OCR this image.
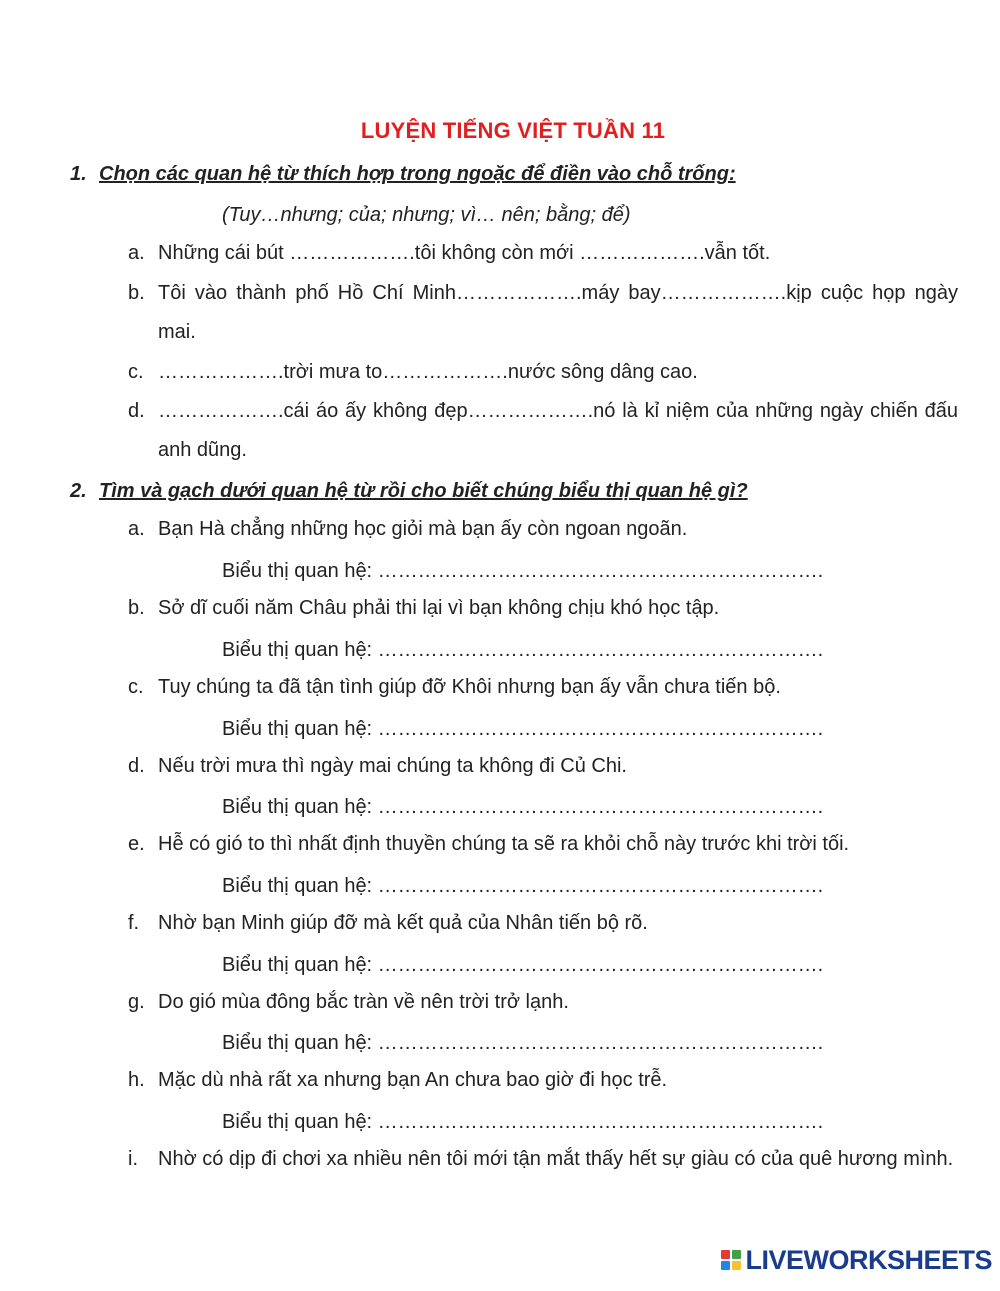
LUYỆN TIẾNG VIỆT TUẦN 11
1. Chọn các quan hệ từ thích hợp trong ngoặc để điền vào chỗ trống:
(Tuy…nhưng; của; nhưng; vì… nên; bằng; để)
a. Những cái bút ……………….tôi không còn mới ……………….vẫn tốt.
b. Tôi vào thành phố Hồ Chí Minh……………….máy bay……………….kịp cuộc họp ngày mai.
c. ……………….trời mưa to……………….nước sông dâng cao.
d. ……………….cái áo ấy không đẹp……………….nó là kỉ niệm của những ngày chiến đấu anh dũng.
2. Tìm và gạch dưới quan hệ từ rồi cho biết chúng biểu thị quan hệ gì?
a. Bạn Hà chẳng những học giỏi mà bạn ấy còn ngoan ngoãn.
Biểu thị quan hệ: ………………………………………………………….
b. Sở dĩ cuối năm Châu phải thi lại vì bạn không chịu khó học tập.
Biểu thị quan hệ: ………………………………………………………….
c. Tuy chúng ta đã tận tình giúp đỡ Khôi nhưng bạn ấy vẫn chưa tiến bộ.
Biểu thị quan hệ: ………………………………………………………….
d. Nếu trời mưa thì ngày mai chúng ta không đi Củ Chi.
Biểu thị quan hệ: ………………………………………………………….
e. Hễ có gió to thì nhất định thuyền chúng ta sẽ ra khỏi chỗ này trước khi trời tối.
Biểu thị quan hệ: ………………………………………………………….
f. Nhờ bạn Minh giúp đỡ mà kết quả của Nhân tiến bộ rõ.
Biểu thị quan hệ: ………………………………………………………….
g. Do gió mùa đông bắc tràn về nên trời trở lạnh.
Biểu thị quan hệ: ………………………………………………………….
h. Mặc dù nhà rất xa nhưng bạn An chưa bao giờ đi học trễ.
Biểu thị quan hệ: ………………………………………………………….
i. Nhờ có dịp đi chơi xa nhiều nên tôi mới tận mắt thấy hết sự giàu có của quê hương mình.
LIVEWORKSHEETS
